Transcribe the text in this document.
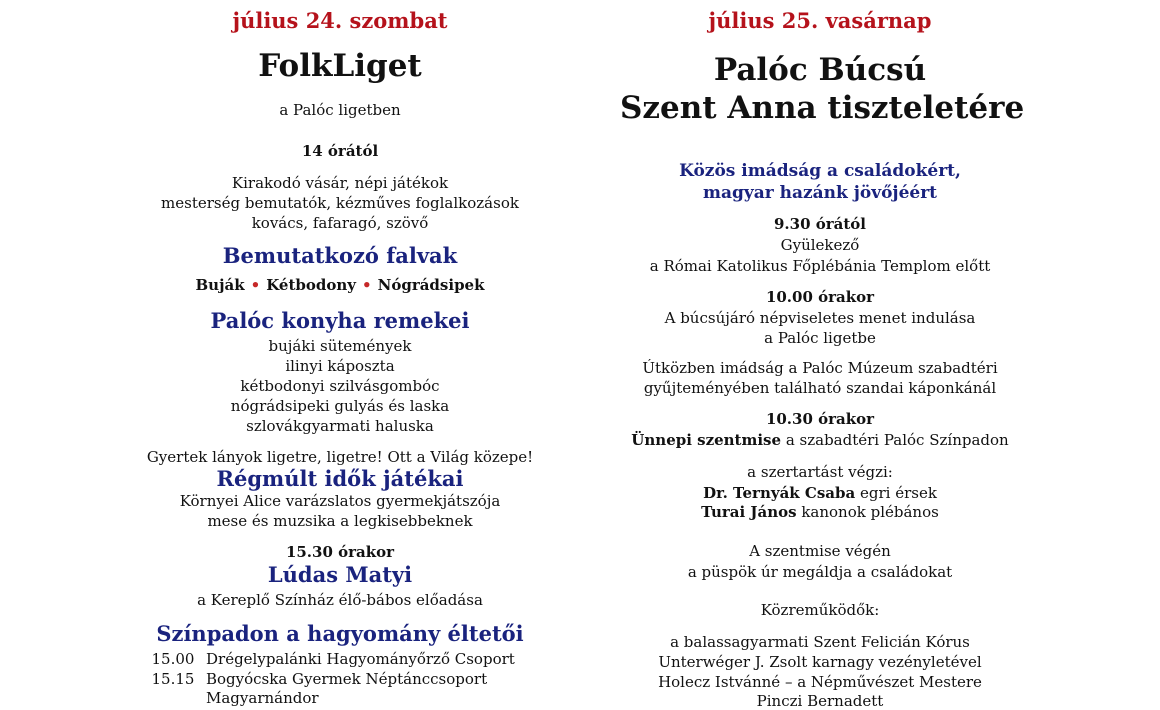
július 24. szombat
FolkLiget
a Palóc ligetben
14 órától
Kirakodó vásár, népi játékok
mesterség bemutatók, kézműves foglalkozások
kovács, fafaragó, szövő
Bemutatkozó falvak
Buják • Kétbodony • Nógrádsipek
Palóc konyha remekei
bujáki sütemények
ilinyi káposzta
kétbodonyi szilvásgombóc
nógrádsipeki gulyás és laska
szlovákgyarmati haluska
Gyertek lányok ligetre, ligetre! Ott a Világ közepe!
Régmúlt idők játékai
Környei Alice varázslatos gyermekjátszója
mese és muzsika a legkisebbeknek
15.30 órakor
Lúdas Matyi
a Kereplő Színház élő-bábos előadása
Színpadon a hagyomány éltetői
15.00 Drégelypalánki Hagyományőrző Csoport
15.15 Bogyócska Gyermek Néptánccsoport
Magyarnándor
július 25. vasárnap
Palóc Búcsú
Szent Anna tiszteletére
Közös imádság a családokért,
magyar hazánk jövőjéért
9.30 órától
Gyülekező
a Római Katolikus Főplébánia Templom előtt
10.00 órakor
A búcsújáró népviseletes menet indulása
a Palóc ligetbe
Útközben imádság a Palóc Múzeum szabadtéri
gyűjteményében található szandai káponkánál
10.30 órakor
Ünnepi szentmise a szabadtéri Palóc Színpadon
a szertartást végzi:
Dr. Ternyák Csaba egri érsek
Turai János kanonok plébános
A szentmise végén
a püspök úr megáldja a családokat
Közreműködők:
a balassagyarmati Szent Felicián Kórus
Unterwéger J. Zsolt karnagy vezényletével
Holecz Istvánné – a Népművészet Mestere
Pinczi Bernadett
